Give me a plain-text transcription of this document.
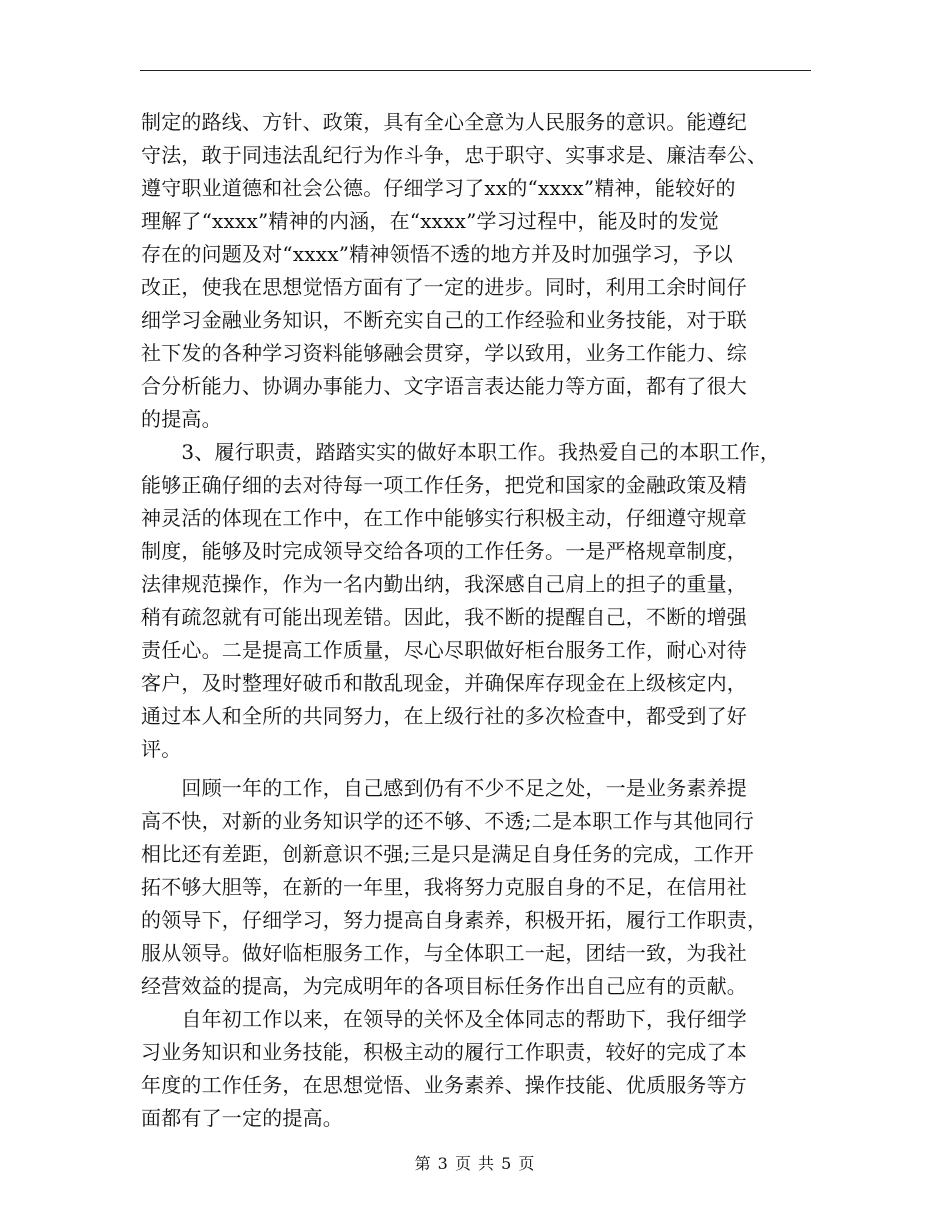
制定的路线、方针、政策，具有全心全意为人民服务的意识。能遵纪
守法，敢于同违法乱纪行为作斗争，忠于职守、实事求是、廉洁奉公、
遵守职业道德和社会公德。仔细学习了xx的“xxxx”精神，能较好的
理解了“xxxx”精神的内涵，在“xxxx”学习过程中，能及时的发觉
存在的问题及对“xxxx”精神领悟不透的地方并及时加强学习，予以
改正，使我在思想觉悟方面有了一定的进步。同时，利用工余时间仔
细学习金融业务知识，不断充实自己的工作经验和业务技能，对于联
社下发的各种学习资料能够融会贯穿，学以致用，业务工作能力、综
合分析能力、协调办事能力、文字语言表达能力等方面，都有了很大
的提高。
　　3、履行职责，踏踏实实的做好本职工作。我热爱自己的本职工作，
能够正确仔细的去对待每一项工作任务，把党和国家的金融政策及精
神灵活的体现在工作中，在工作中能够实行积极主动，仔细遵守规章
制度，能够及时完成领导交给各项的工作任务。一是严格规章制度，
法律规范操作，作为一名内勤出纳，我深感自己肩上的担子的重量，
稍有疏忽就有可能出现差错。因此，我不断的提醒自己，不断的增强
责任心。二是提高工作质量，尽心尽职做好柜台服务工作，耐心对待
客户，及时整理好破币和散乱现金，并确保库存现金在上级核定内，
通过本人和全所的共同努力，在上级行社的多次检查中，都受到了好
评。
　　回顾一年的工作，自己感到仍有不少不足之处，一是业务素养提
高不快，对新的业务知识学的还不够、不透;二是本职工作与其他同行
相比还有差距，创新意识不强;三是只是满足自身任务的完成，工作开
拓不够大胆等，在新的一年里，我将努力克服自身的不足，在信用社
的领导下，仔细学习，努力提高自身素养，积极开拓，履行工作职责，
服从领导。做好临柜服务工作，与全体职工一起，团结一致，为我社
经营效益的提高，为完成明年的各项目标任务作出自己应有的贡献。
　　自年初工作以来，在领导的关怀及全体同志的帮助下，我仔细学
习业务知识和业务技能，积极主动的履行工作职责，较好的完成了本
年度的工作任务，在思想觉悟、业务素养、操作技能、优质服务等方
面都有了一定的提高。
第 3 页 共 5 页
